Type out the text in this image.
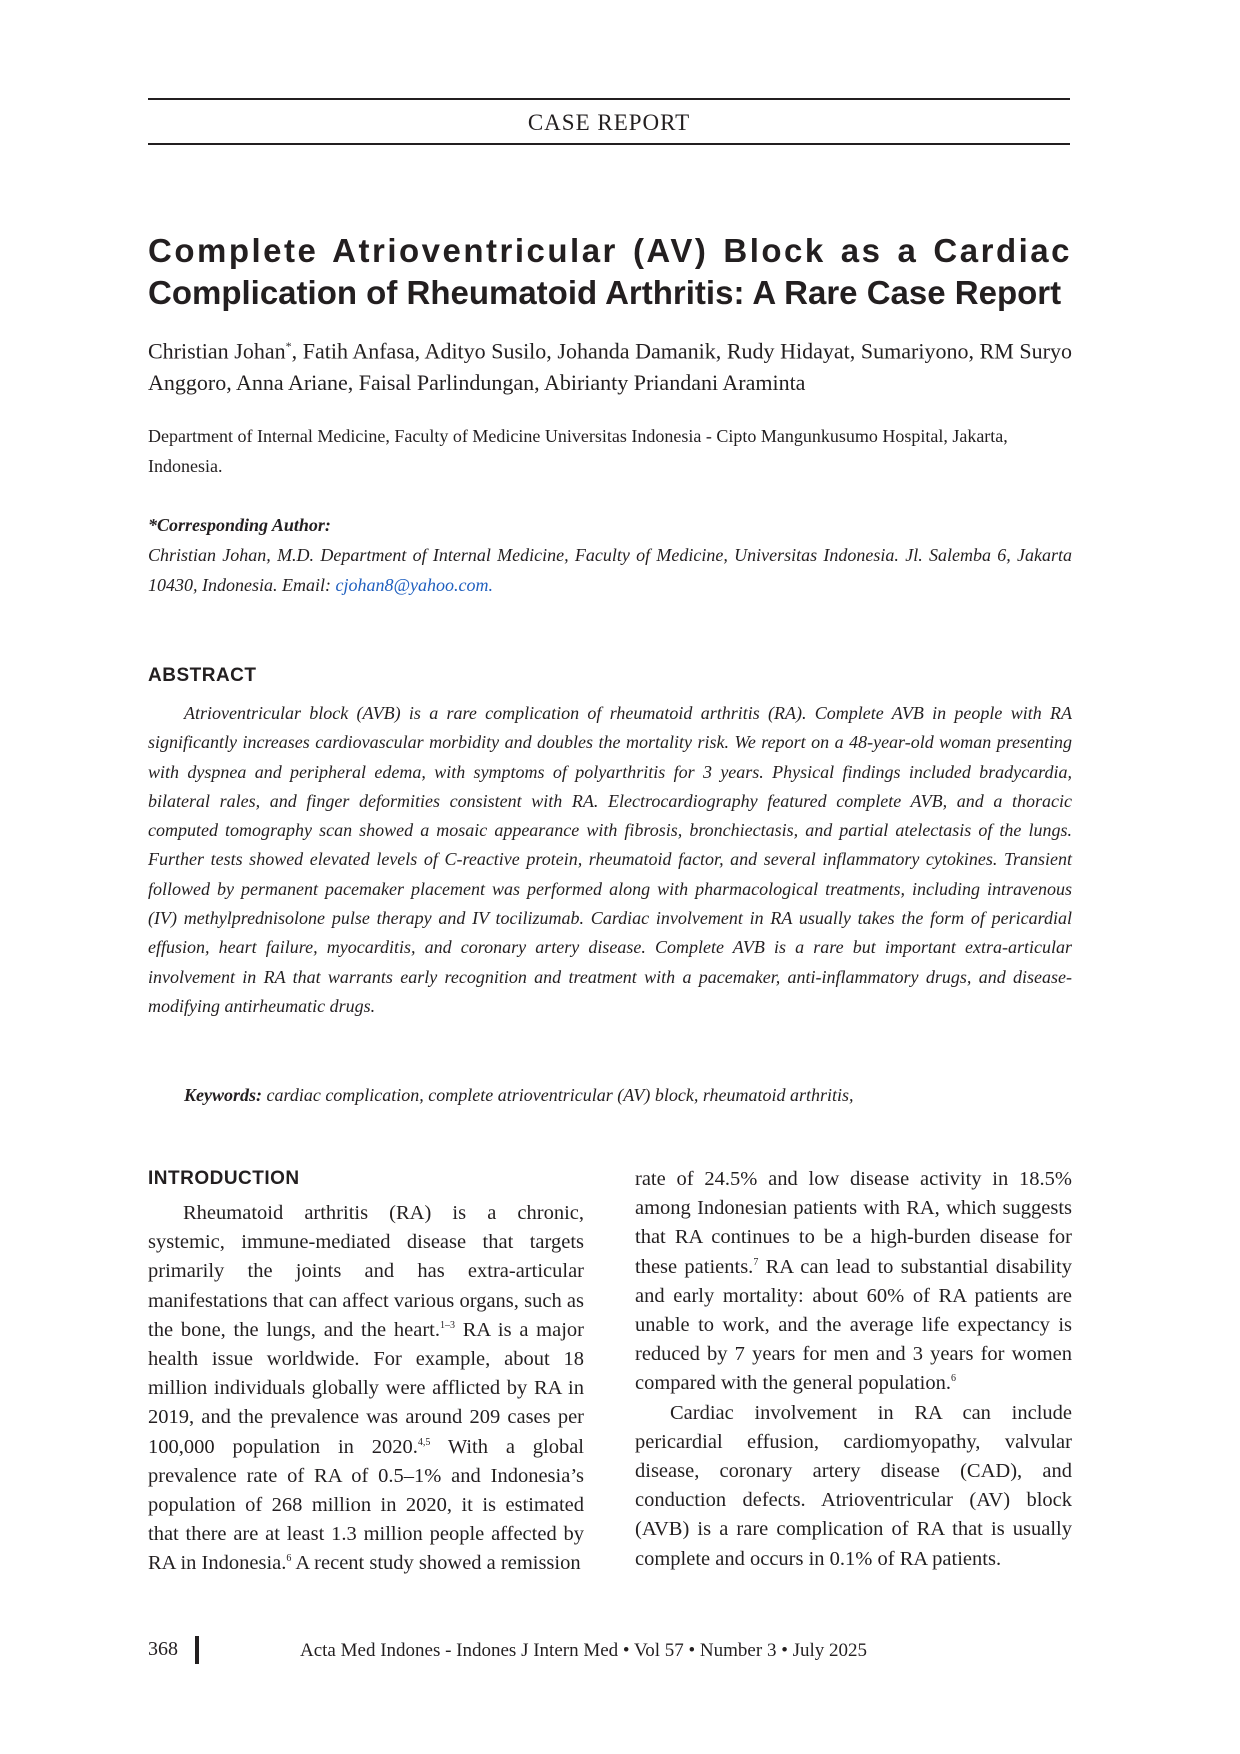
CASE REPORT
Complete Atrioventricular (AV) Block as a Cardiac
Complication of Rheumatoid Arthritis: A Rare Case Report
Christian Johan*, Fatih Anfasa, Adityo Susilo, Johanda Damanik, Rudy Hidayat, Sumariyono, RM Suryo Anggoro, Anna Ariane, Faisal Parlindungan, Abirianty Priandani Araminta
Department of Internal Medicine, Faculty of Medicine Universitas Indonesia - Cipto Mangunkusumo Hospital, Jakarta, Indonesia.
*Corresponding Author:
Christian Johan, M.D. Department of Internal Medicine, Faculty of Medicine, Universitas Indonesia. Jl. Salemba 6, Jakarta 10430, Indonesia. Email: cjohan8@yahoo.com.
ABSTRACT

Atrioventricular block (AVB) is a rare complication of rheumatoid arthritis (RA). Complete AVB in people with RA significantly increases cardiovascular morbidity and doubles the mortality risk. We report on a 48-year-old woman presenting with dyspnea and peripheral edema, with symptoms of polyarthritis for 3 years. Physical findings included bradycardia, bilateral rales, and finger deformities consistent with RA. Electrocardiography featured complete AVB, and a thoracic computed tomography scan showed a mosaic appearance with fibrosis, bronchiectasis, and partial atelectasis of the lungs. Further tests showed elevated levels of C-reactive protein, rheumatoid factor, and several inflammatory cytokines. Transient followed by permanent pacemaker placement was performed along with pharmacological treatments, including intravenous (IV) methylprednisolone pulse therapy and IV tocilizumab. Cardiac involvement in RA usually takes the form of pericardial effusion, heart failure, myocarditis, and coronary artery disease. Complete AVB is a rare but important extra-articular involvement in RA that warrants early recognition and treatment with a pacemaker, anti-inflammatory drugs, and disease-modifying antirheumatic drugs.

Keywords: cardiac complication, complete atrioventricular (AV) block, rheumatoid arthritis,
INTRODUCTION

Rheumatoid arthritis (RA) is a chronic, systemic, immune-mediated disease that targets primarily the joints and has extra-articular manifestations that can affect various organs, such as the bone, the lungs, and the heart.$^{1-3}$ RA is a major health issue worldwide. For example, about 18 million individuals globally were afflicted by RA in 2019, and the prevalence was around 209 cases per 100,000 population in 2020.$^{4,5}$ With a global prevalence rate of RA of 0.5–1% and Indonesia’s population of 268 million in 2020, it is estimated that there are at least 1.3 million people affected by RA in Indonesia.$^6$ A recent study showed a remission

rate of 24.5% and low disease activity in 18.5% among Indonesian patients with RA, which suggests that RA continues to be a high-burden disease for these patients.$^7$ RA can lead to substantial disability and early mortality: about 60% of RA patients are unable to work, and the average life expectancy is reduced by 7 years for men and 3 years for women compared with the general population.$^6$

Cardiac involvement in RA can include pericardial effusion, cardiomyopathy, valvular disease, coronary artery disease (CAD), and conduction defects. Atrioventricular (AV) block (AVB) is a rare complication of RA that is usually complete and occurs in 0.1% of RA patients.

368	Acta Med Indones - Indones J Intern Med • Vol 57 • Number 3 • July 2025
